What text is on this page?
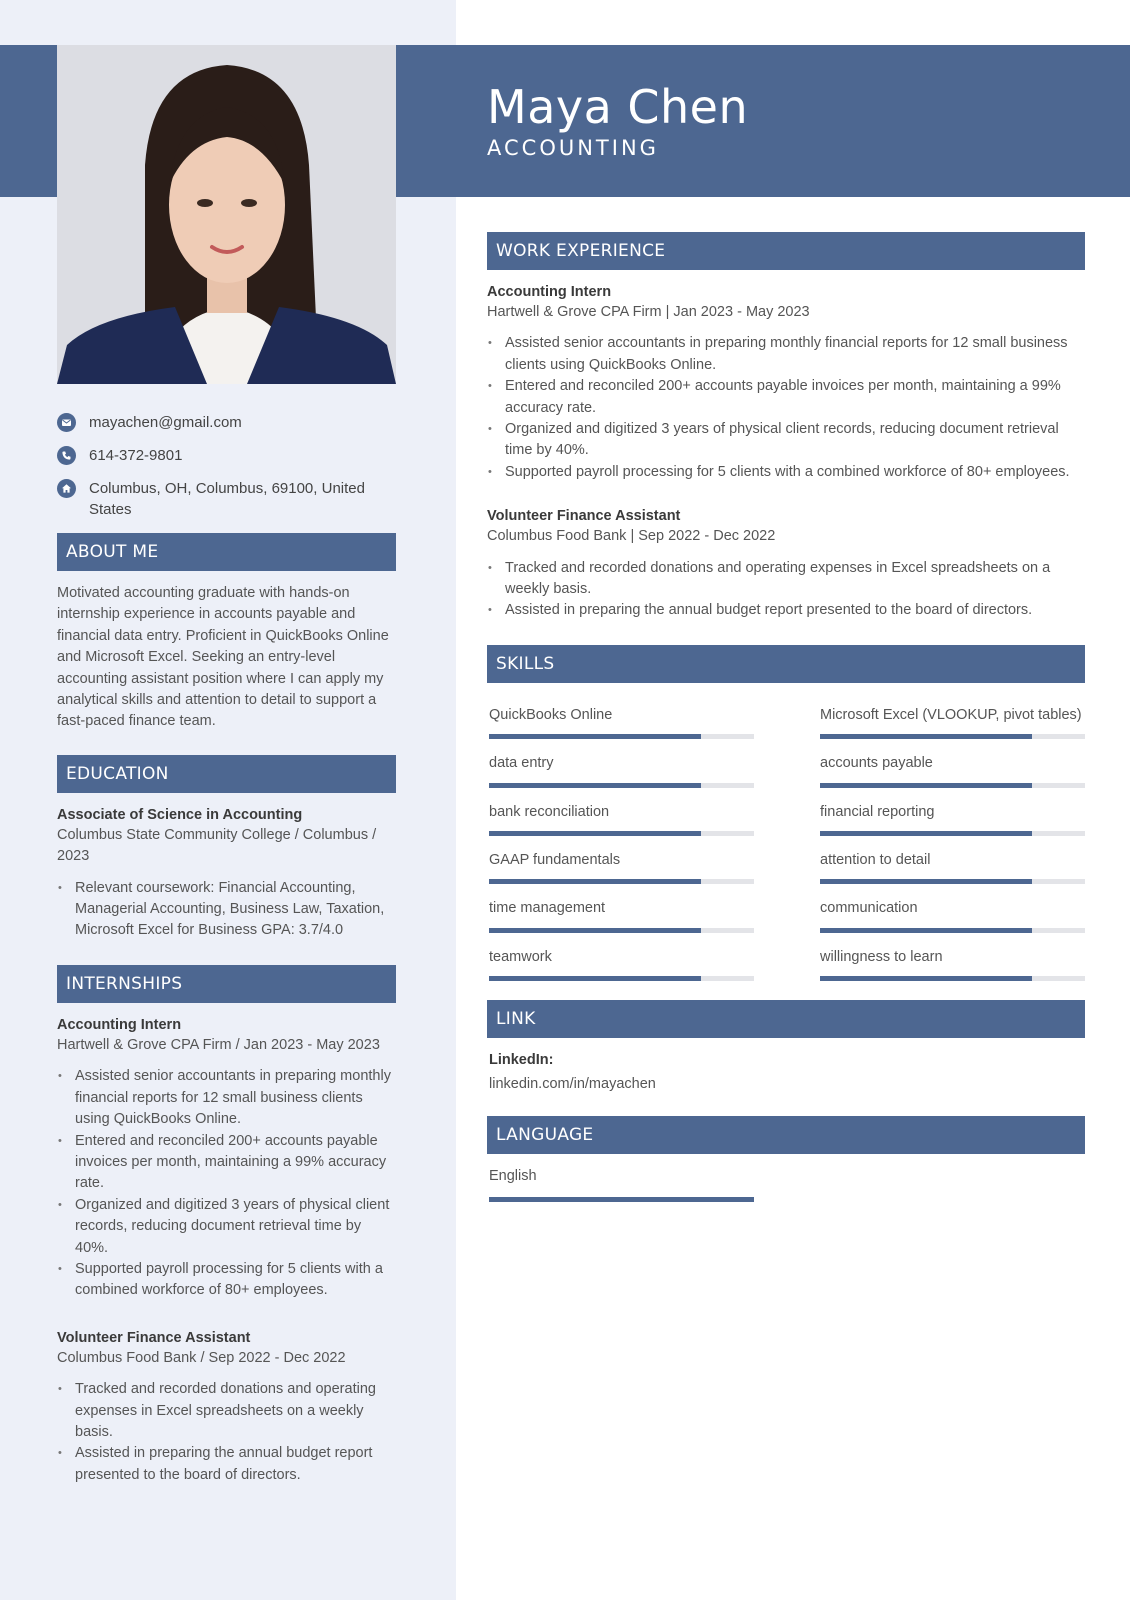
Maya Chen
ACCOUNTING
mayachen@gmail.com
614-372-9801
Columbus, OH, Columbus, 69100, United States
ABOUT ME
Motivated accounting graduate with hands-on internship experience in accounts payable and financial data entry. Proficient in QuickBooks Online and Microsoft Excel. Seeking an entry-level accounting assistant position where I can apply my analytical skills and attention to detail to support a fast-paced finance team.
EDUCATION
Associate of Science in Accounting
Columbus State Community College / Columbus / 2023
• Relevant coursework: Financial Accounting, Managerial Accounting, Business Law, Taxation, Microsoft Excel for Business GPA: 3.7/4.0
INTERNSHIPS
Accounting Intern
Hartwell & Grove CPA Firm / Jan 2023 - May 2023
• Assisted senior accountants in preparing monthly financial reports for 12 small business clients using QuickBooks Online.
• Entered and reconciled 200+ accounts payable invoices per month, maintaining a 99% accuracy rate.
• Organized and digitized 3 years of physical client records, reducing document retrieval time by 40%.
• Supported payroll processing for 5 clients with a combined workforce of 80+ employees.
Volunteer Finance Assistant
Columbus Food Bank / Sep 2022 - Dec 2022
• Tracked and recorded donations and operating expenses in Excel spreadsheets on a weekly basis.
• Assisted in preparing the annual budget report presented to the board of directors.
WORK EXPERIENCE
Accounting Intern
Hartwell & Grove CPA Firm | Jan 2023 - May 2023
• Assisted senior accountants in preparing monthly financial reports for 12 small business clients using QuickBooks Online.
• Entered and reconciled 200+ accounts payable invoices per month, maintaining a 99% accuracy rate.
• Organized and digitized 3 years of physical client records, reducing document retrieval time by 40%.
• Supported payroll processing for 5 clients with a combined workforce of 80+ employees.
Volunteer Finance Assistant
Columbus Food Bank | Sep 2022 - Dec 2022
• Tracked and recorded donations and operating expenses in Excel spreadsheets on a weekly basis.
• Assisted in preparing the annual budget report presented to the board of directors.
SKILLS
QuickBooks Online	Microsoft Excel (VLOOKUP, pivot tables)
data entry	accounts payable
bank reconciliation	financial reporting
GAAP fundamentals	attention to detail
time management	communication
teamwork	willingness to learn
LINK
LinkedIn:
linkedin.com/in/mayachen
LANGUAGE
English
